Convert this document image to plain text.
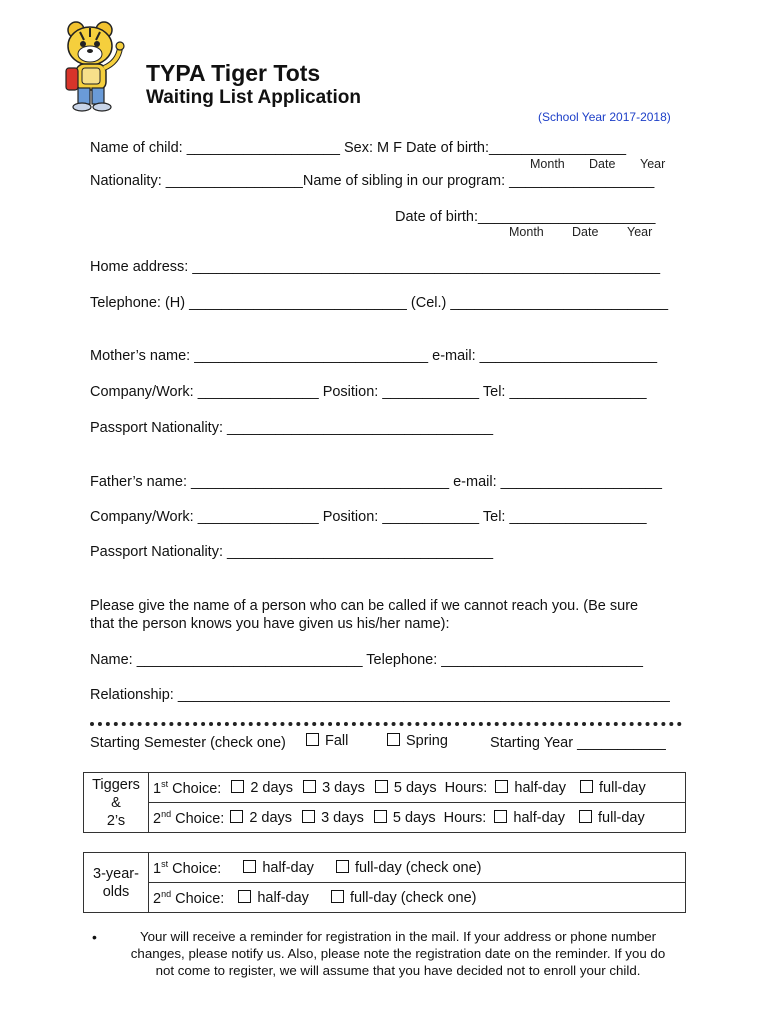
TYPA Tiger Tots
Waiting List Application
(School Year 2017-2018)
Name of child: ___________________ Sex: M F Date of birth:_________________
Month Date Year
Nationality: _________________Name of sibling in our program: __________________
Date of birth:______________________
Month Date Year
Home address: __________________________________________________________
Telephone: (H) ___________________________ (Cel.) ___________________________
Mother’s name: _____________________________ e-mail: ______________________
Company/Work: _______________ Position: ____________ Tel: _________________
Passport Nationality: _________________________________
Father’s name: ________________________________ e-mail: ____________________
Company/Work: _______________ Position: ____________ Tel: _________________
Passport Nationality: _________________________________
Please give the name of a person who can be called if we cannot reach you. (Be sure
that the person knows you have given us his/her name):
Name: ____________________________ Telephone: _________________________
Relationship: _____________________________________________________________
Starting Semester (check one)	Fall	Spring	Starting Year ___________
Tiggers
&
2’s
	1st Choice: 2 days 3 days 5 days Hours: half-day full-day
2nd Choice: 2 days 3 days 5 days Hours: half-day full-day
3-year-
olds
	1st Choice:	half-day	full-day (check one)
2nd Choice: half-day	full-day (check one)
•	Your will receive a reminder for registration in the mail. If your address or phone number
changes, please notify us. Also, please note the registration date on the reminder. If you do
not come to register, we will assume that you have decided not to enroll your child.
